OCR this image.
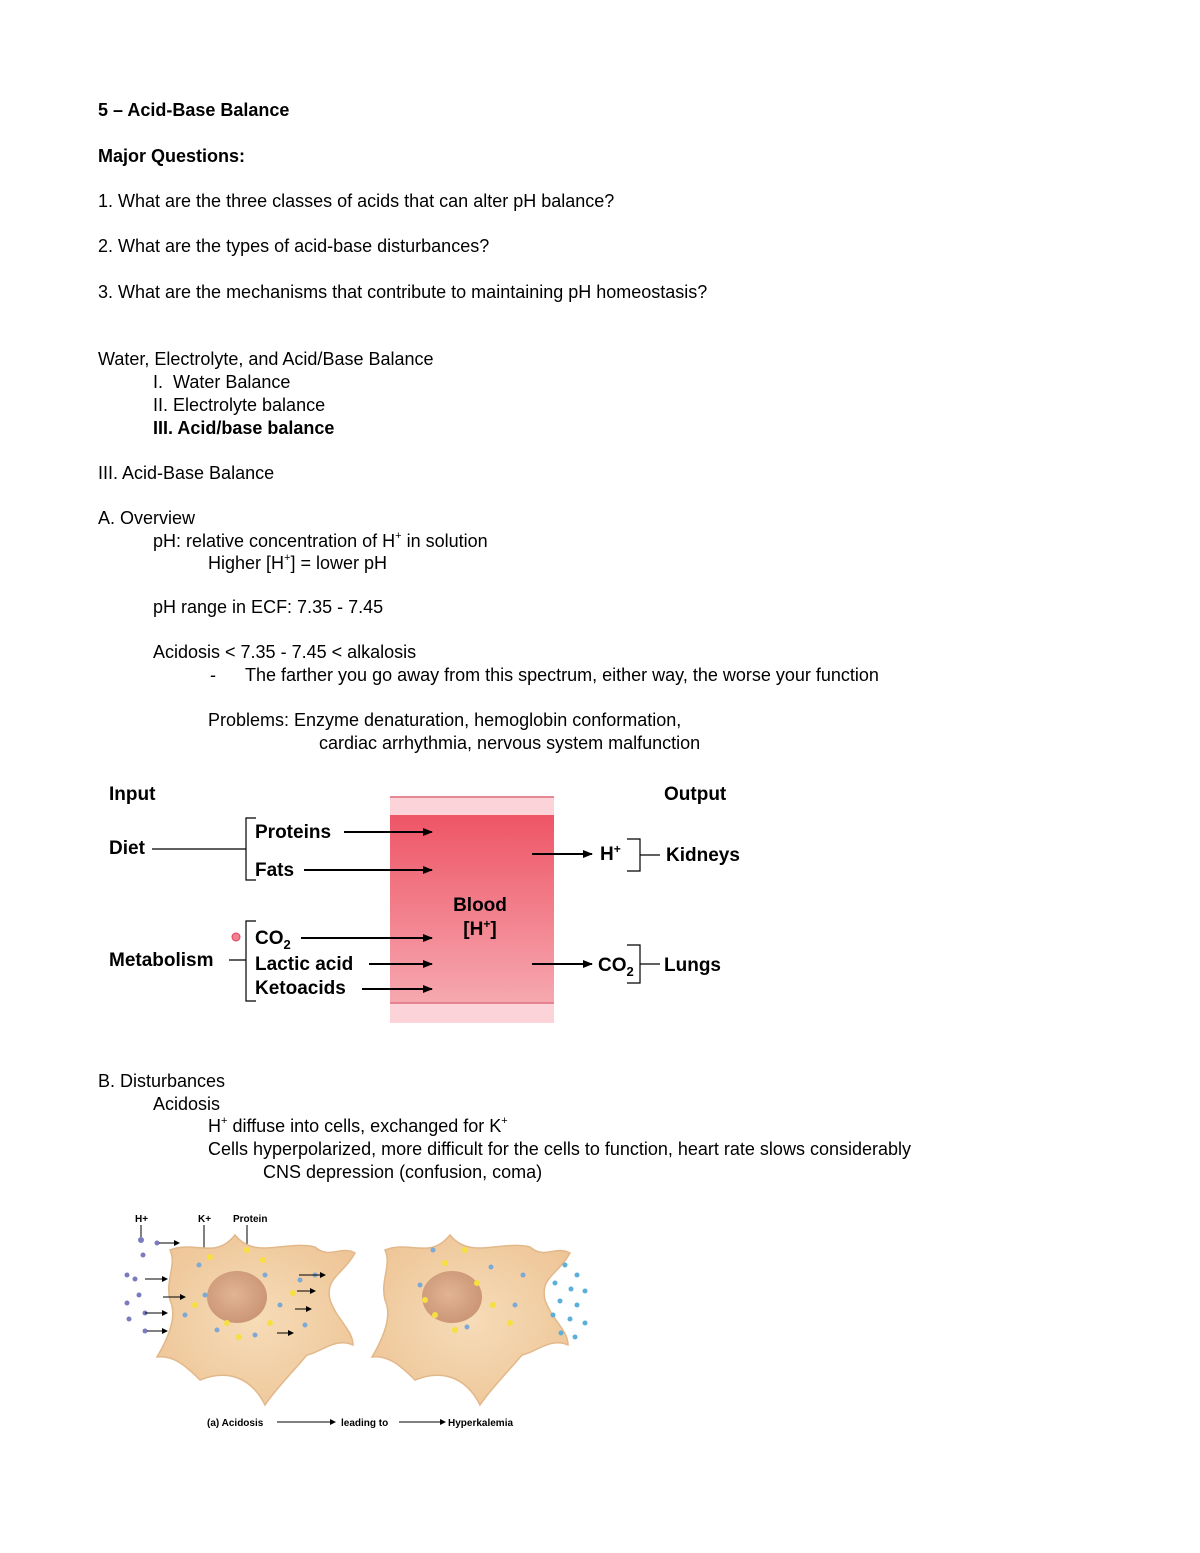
5 – Acid-Base Balance
Major Questions:
1. What are the three classes of acids that can alter pH balance?
2. What are the types of acid-base disturbances?
3. What are the mechanisms that contribute to maintaining pH homeostasis?
Water, Electrolyte, and Acid/Base Balance
I.  Water Balance
II. Electrolyte balance
III. Acid/base balance
III. Acid-Base Balance
A. Overview
pH: relative concentration of H+ in solution
Higher [H+] = lower pH
pH range in ECF: 7.35 - 7.45
Acidosis < 7.35 - 7.45 < alkalosis
- The farther you go away from this spectrum, either way, the worse your function
Problems: Enzyme denaturation, hemoglobin conformation,
cardiac arrhythmia, nervous system malfunction
Input	Output
Diet
Proteins
Fats
Metabolism
$CO_2$
Lactic acid
Ketoacids
Blood
[H+]
H+ Kidneys
$CO_2$ Lungs
B. Disturbances
Acidosis
H+ diffuse into cells, exchanged for K+
Cells hyperpolarized, more difficult for the cells to function, heart rate slows considerably
CNS depression (confusion, coma)
H+	K+ Protein
(a) Acidosis	leading to	Hyperkalemia
